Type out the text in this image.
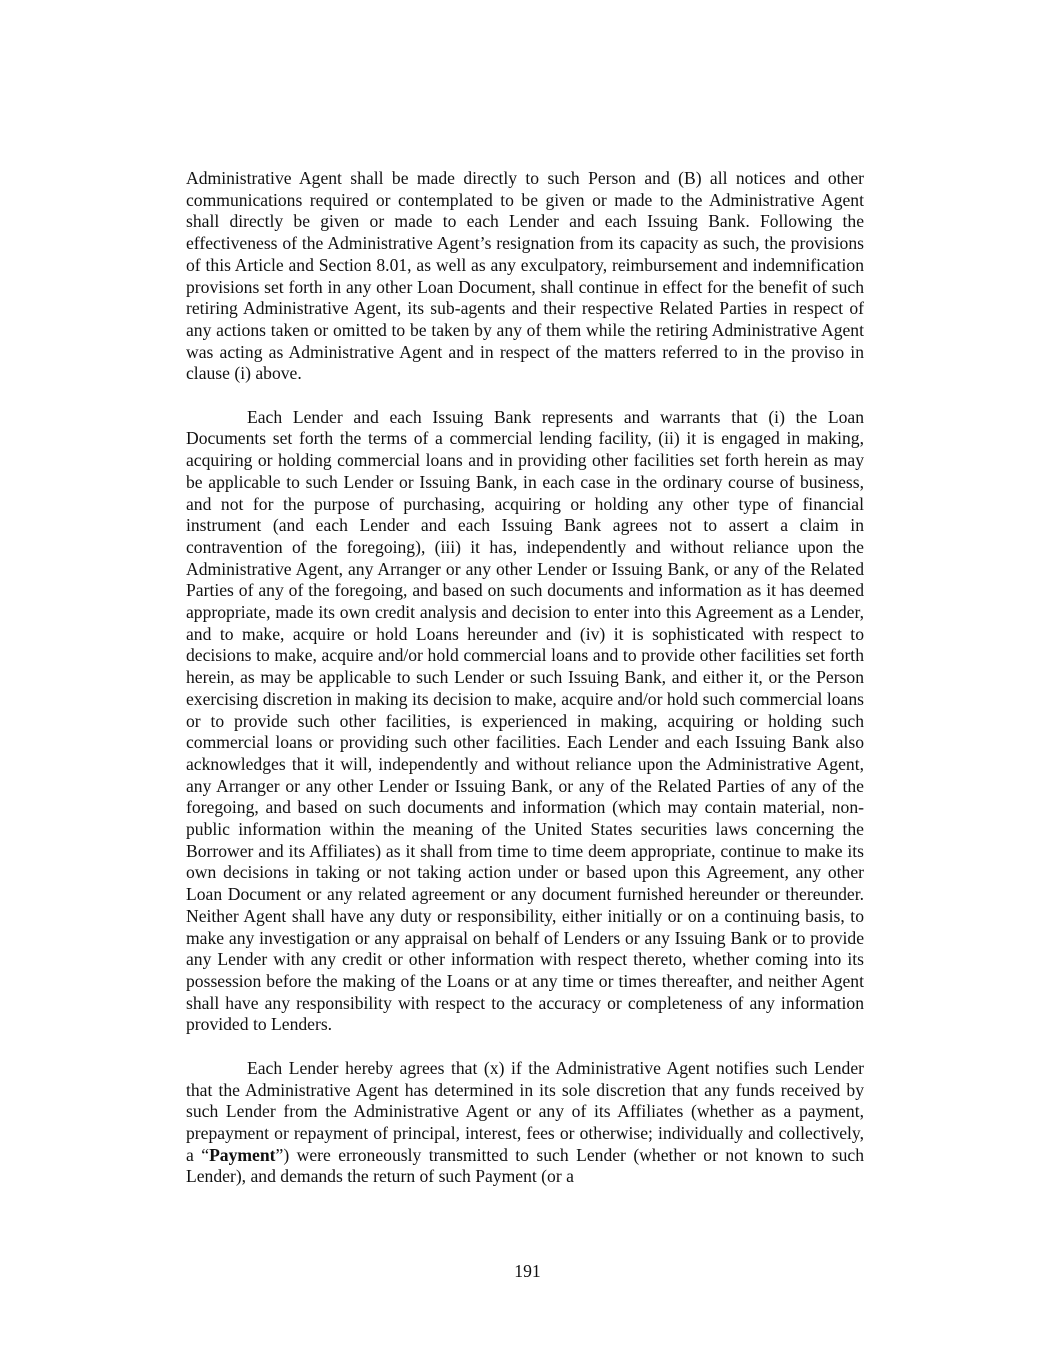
Administrative Agent shall be made directly to such Person and (B) all notices and other communications required or contemplated to be given or made to the Administrative Agent shall directly be given or made to each Lender and each Issuing Bank. Following the effectiveness of the Administrative Agent’s resignation from its capacity as such, the provisions of this Article and Section 8.01, as well as any exculpatory, reimbursement and indemnification provisions set forth in any other Loan Document, shall continue in effect for the benefit of such retiring Administrative Agent, its sub-agents and their respective Related Parties in respect of any actions taken or omitted to be taken by any of them while the retiring Administrative Agent was acting as Administrative Agent and in respect of the matters referred to in the proviso in clause (i) above.

Each Lender and each Issuing Bank represents and warrants that (i) the Loan Documents set forth the terms of a commercial lending facility, (ii) it is engaged in making, acquiring or holding commercial loans and in providing other facilities set forth herein as may be applicable to such Lender or Issuing Bank, in each case in the ordinary course of business, and not for the purpose of purchasing, acquiring or holding any other type of financial instrument (and each Lender and each Issuing Bank agrees not to assert a claim in contravention of the foregoing), (iii) it has, independently and without reliance upon the Administrative Agent, any Arranger or any other Lender or Issuing Bank, or any of the Related Parties of any of the foregoing, and based on such documents and information as it has deemed appropriate, made its own credit analysis and decision to enter into this Agreement as a Lender, and to make, acquire or hold Loans hereunder and (iv) it is sophisticated with respect to decisions to make, acquire and/or hold commercial loans and to provide other facilities set forth herein, as may be applicable to such Lender or such Issuing Bank, and either it, or the Person exercising discretion in making its decision to make, acquire and/or hold such commercial loans or to provide such other facilities, is experienced in making, acquiring or holding such commercial loans or providing such other facilities. Each Lender and each Issuing Bank also acknowledges that it will, independently and without reliance upon the Administrative Agent, any Arranger or any other Lender or Issuing Bank, or any of the Related Parties of any of the foregoing, and based on such documents and information (which may contain material, non-public information within the meaning of the United States securities laws concerning the Borrower and its Affiliates) as it shall from time to time deem appropriate, continue to make its own decisions in taking or not taking action under or based upon this Agreement, any other Loan Document or any related agreement or any document furnished hereunder or thereunder. Neither Agent shall have any duty or responsibility, either initially or on a continuing basis, to make any investigation or any appraisal on behalf of Lenders or any Issuing Bank or to provide any Lender with any credit or other information with respect thereto, whether coming into its possession before the making of the Loans or at any time or times thereafter, and neither Agent shall have any responsibility with respect to the accuracy or completeness of any information provided to Lenders.

Each Lender hereby agrees that (x) if the Administrative Agent notifies such Lender that the Administrative Agent has determined in its sole discretion that any funds received by such Lender from the Administrative Agent or any of its Affiliates (whether as a payment, prepayment or repayment of principal, interest, fees or otherwise; individually and collectively, a “Payment”) were erroneously transmitted to such Lender (whether or not known to such Lender), and demands the return of such Payment (or a

191
